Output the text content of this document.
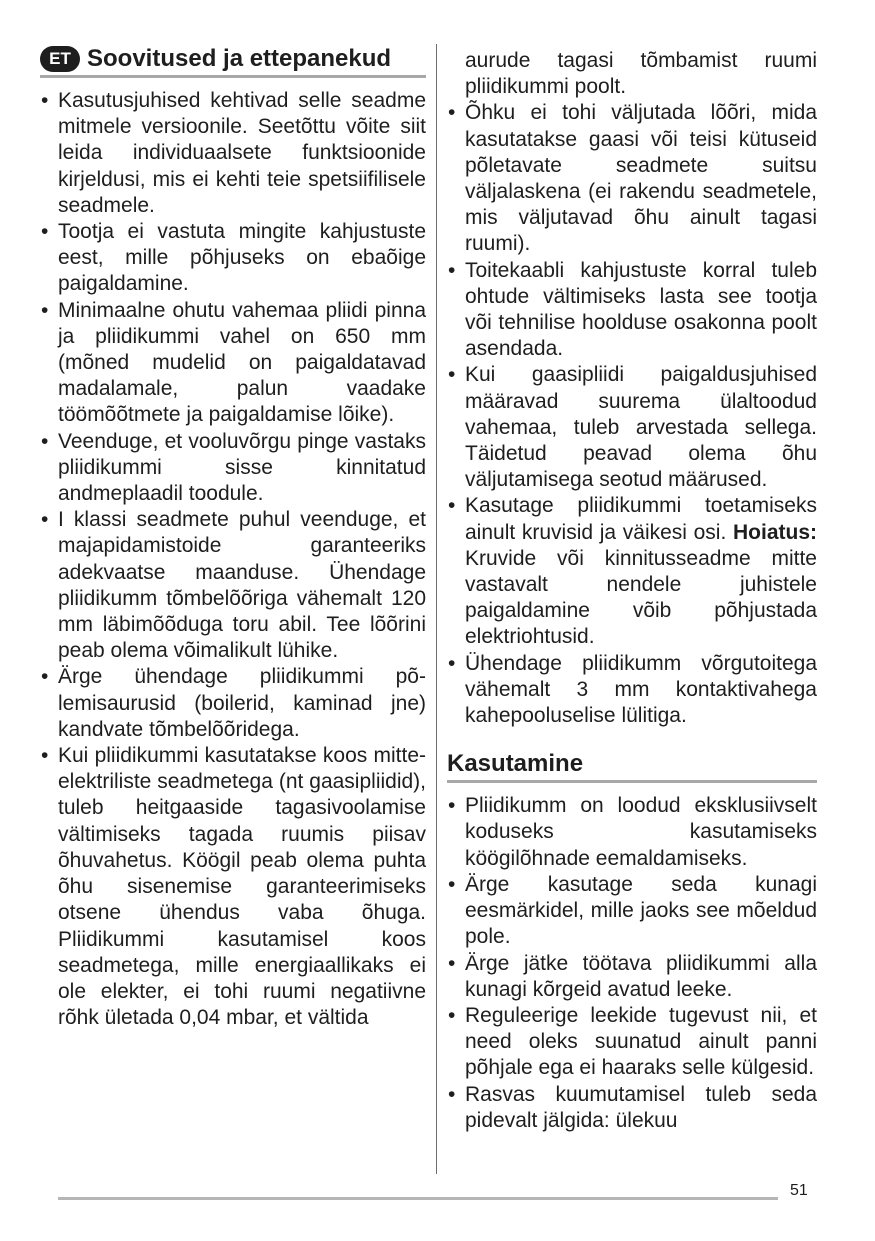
ET Soovitused ja ettepanekud
• Kasutusjuhised kehtivad selle seadme mitmele versioonile. Seetõttu võite siit leida individuaalsete funktsioonide kirjeldusi, mis ei kehti teie spetsiifilisele seadmele.
• Tootja ei vastuta mingite kahjustuste eest, mille põhjuseks on ebaõige paigaldamine.
• Minimaalne ohutu vahemaa pliidi pinna ja pliidikummi vahel on 650 mm (mõned mudelid on paigaldatavad madalamale, palun vaadake töömõõtmete ja paigaldamise lõike).
• Veenduge, et vooluvõrgu pinge vastaks pliidikummi sisse kinnitatud andmeplaadil toodule.
• I klassi seadmete puhul veenduge, et majapidamistoide garanteeriks adekvaatse maanduse. Ühendage pliidikumm tõmbelõõriga vähemalt 120 mm läbimõõduga toru abil. Tee lõõrini peab olema võimalikult lühike.
• Ärge ühendage pliidikummi põlemisaurusid (boilerid, kaminad jne) kandvate tõmbelõõridega.
• Kui pliidikummi kasutatakse koos mitte-elektriliste seadmetega (nt gaasipliidid), tuleb heitgaaside tagasivoolamise vältimiseks tagada ruumis piisav õhuvahetus. Köögil peab olema puhta õhu sisenemise garanteerimiseks otsene ühendus vaba õhuga. Pliidikummi kasutamisel koos seadmetega, mille energiaallikaks ei ole elekter, ei tohi ruumi negatiivne rõhk ületada 0,04 mbar, et vältida
aurude tagasi tõmbamist ruumi pliidikummi poolt.
• Õhku ei tohi väljutada lõõri, mida kasutatakse gaasi või teisi kütuseid põletavate seadmete suitsu väljalaskena (ei rakendu seadmetele, mis väljutavad õhu ainult tagasi ruumi).
• Toitekaabli kahjustuste korral tuleb ohtude vältimiseks lasta see tootja või tehnilise hoolduse osakonna poolt asendada.
• Kui gaasipliidi paigaldusjuhised määravad suurema ülaltoodud vahemaa, tuleb arvestada sellega. Täidetud peavad olema õhu väljutamisega seotud määrused.
• Kasutage pliidikummi toetamiseks ainult kruvisid ja väikesi osi. Hoiatus: Kruvide või kinnitusseadme mitte vastavalt nendele juhistele paigaldamine võib põhjustada elektriohtusid.
• Ühendage pliidikumm võrgutoitega vähemalt 3 mm kontaktivahega kahepooluselise lülitiga.
Kasutamine
• Pliidikumm on loodud eksklusiivselt koduseks kasutamiseks köögilõhnade eemaldamiseks.
• Ärge kasutage seda kunagi eesmärkidel, mille jaoks see mõeldud pole.
• Ärge jätke töötava pliidikummi alla kunagi kõrgeid avatud leeke.
• Reguleerige leekide tugevust nii, et need oleks suunatud ainult panni põhjale ega ei haaraks selle külgesid.
• Rasvas kuumutamisel tuleb seda pidevalt jälgida: ülekuu
51
